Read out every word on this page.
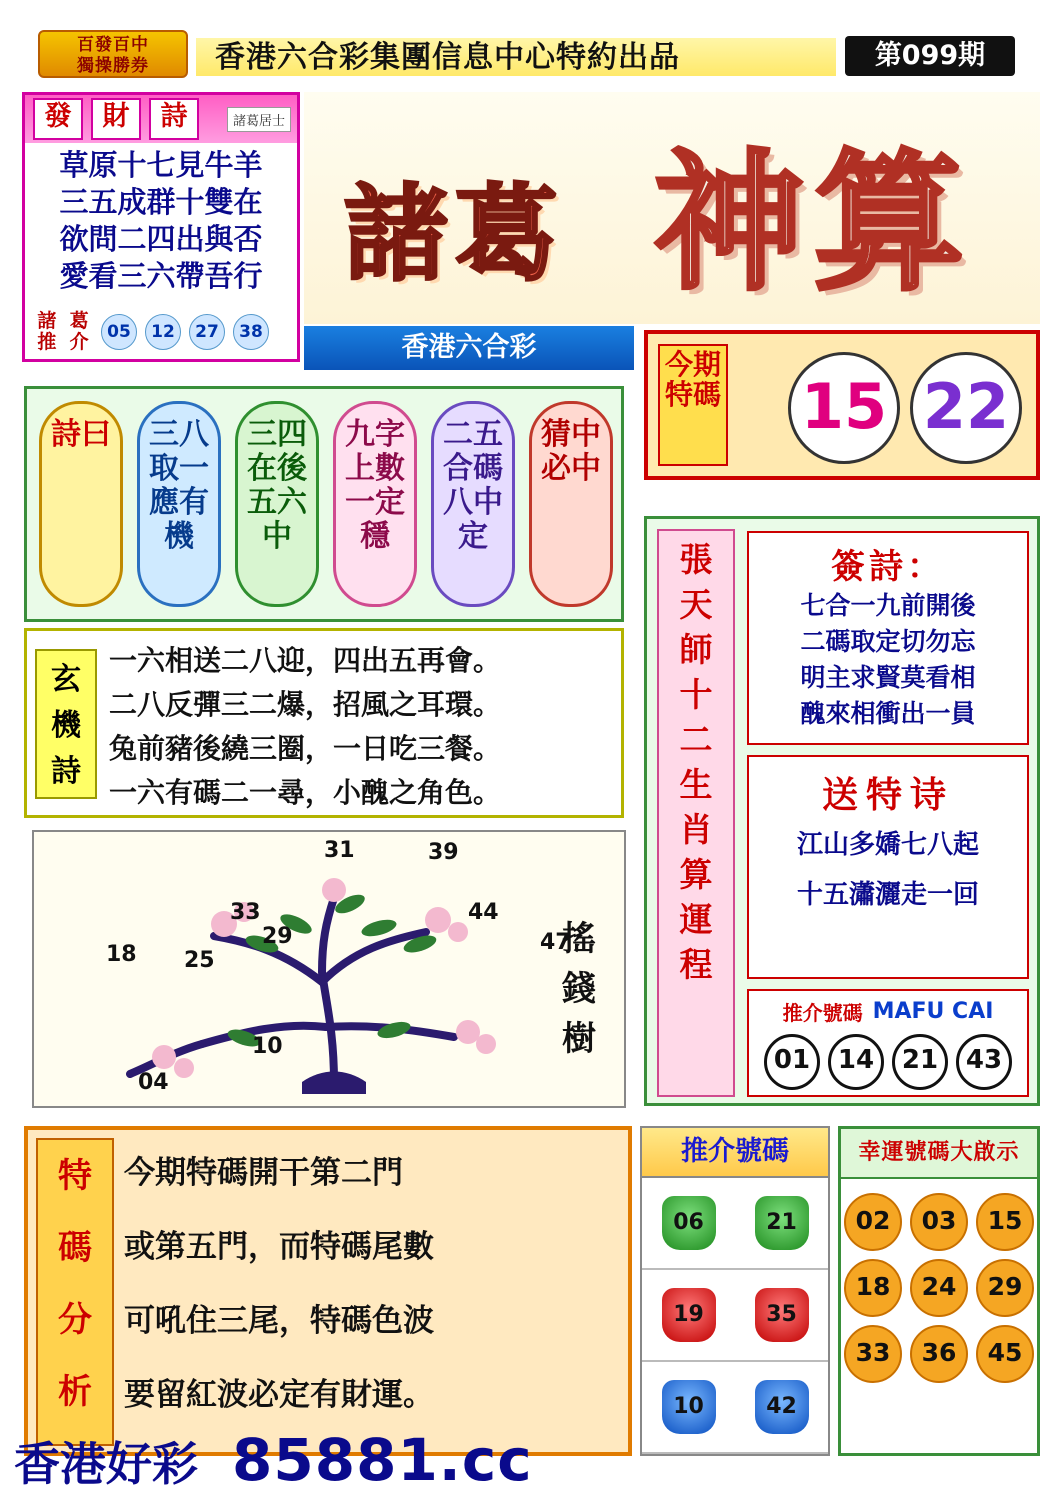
百發百中
獨操勝券	香港六合彩集團信息中心特約出品	第099期
發	財	詩	諸葛居士
草原十七見牛羊
三五成群十雙在
欲問二四出與否
愛看三六帶吾行
諸  葛
推  介	05	12	27	38
諸葛 神算
香港六合彩
今期
特碼 15 22
詩曰	三八取一應有機
三四在後五六中
九字上數一定穩
二五合碼八中定
猜中必中
玄
機
詩
一六相送二八迎，四出五再會。
二八反彈三二爆，招風之耳環。
兔前豬後繞三圈，一日吃三餐。
一六有碼二一尋，小醜之角色。
31	39
33
29
44
47
18 25
10
04
搖
錢
樹
張
天
師
十
二
生
肖
算
運
程
簽詩：
七合一九前開後
二碼取定切勿忘
明主求賢莫看相
醜來相衝出一員
送特诗
江山多嬌七八起
十五瀟灑走一回
推介號碼 MAFU CAI
01	14	21	43
特
碼
分
析
今期特碼開干第二門
或第五門，而特碼尾數
可吼住三尾，特碼色波
要留紅波必定有財運。
推介號碼
06	21
19	35
10	42
幸運號碼大啟示
02	03	15
18	24	29
33	36	45
香港好彩 85881.cc
